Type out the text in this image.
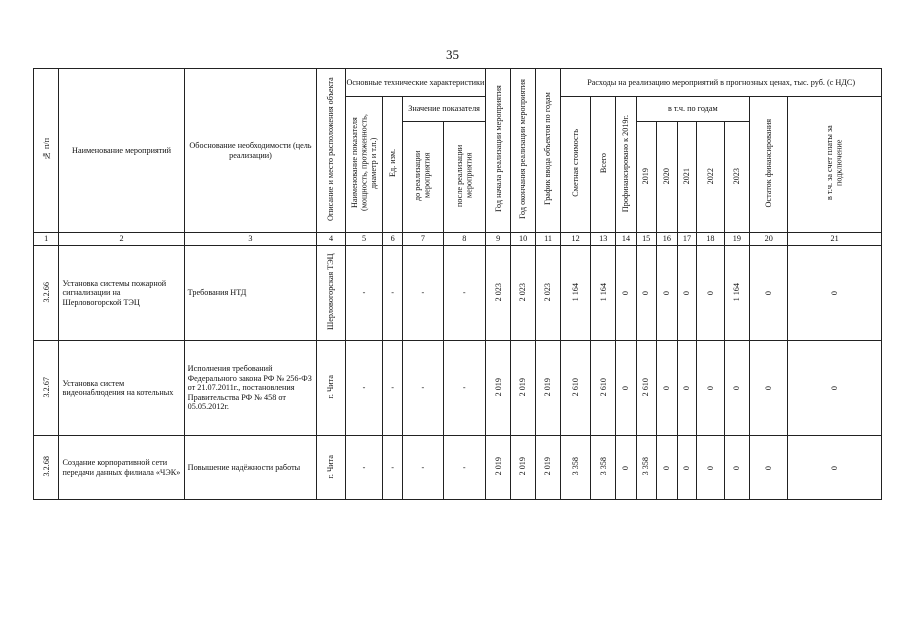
35
№ п/п	Наименование мероприятий	Обоснование необходимости (цель реализации)	Описание и место расположения объекта	Основные технические характеристики				Год начала реализации мероприятия	Год окончания реализации мероприятия	График ввода объектов по годам	Расходы на реализацию мероприятий в прогнозных ценах, тыс. руб. (с НДС)									

				Наименование показателя (мощность, протяженность, диаметр и т.п.)	Ед. изм.	Значение показателя					Сметная стоимость	Всего	Профинансировано к 2019г.	в т.ч. по годам					Остаток финансирования	в т.ч. за счет платы за подключение
						до реализации мероприятия	после реализации мероприятия							2019	2020	2021	2022	2023		
1	2	3	4	5	6	7	8	9	10	11	12	13	14	15	16	17	18	19	20	21
3.2.66	Установка системы пожарной сигнализации на Шерловогорской ТЭЦ	Требования НТД	Шерловогорская ТЭЦ	-	-	-	-	2 023	2 023	2 023	1 164	1 164	0	0	0	0	0	1 164	0	0
3.2.67	Установка систем видеонаблюдения на котельных	Исполнения требований Федерального закона РФ № 256-ФЗ от 21.07.2011г., постановления Правительства РФ № 458 от 05.05.2012г.	г. Чита	-	-	-	-	2 019	2 019	2 019	2 610	2 610	0	2 610	0	0	0	0	0	0
3.2.68	Создание корпоративной сети передачи данных филиала «ЧЭК»	Повышение надёжности работы	г. Чита	-	-	-	-	2 019	2 019	2 019	3 358	3 358	0	3 358	0	0	0	0	0	0
